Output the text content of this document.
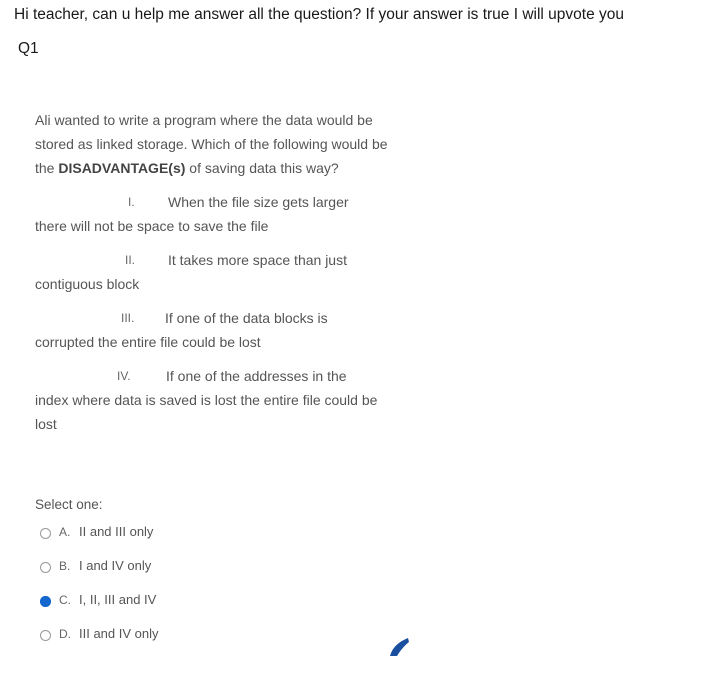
Hi teacher, can u help me answer all the question? If your answer is true I will upvote you
Q1

Ali wanted to write a program where the data would be stored as linked storage. Which of the following would be the DISADVANTAGE(s) of saving data this way?

I. When the file size gets larger

there will not be space to save the file

II. It takes more space than just

contiguous block

III. If one of the data blocks is

corrupted the entire file could be lost

IV.	If one of the addresses in the

index where data is saved is lost the entire file could be lost

Select one:
A. II and III only
B. I and IV only
C. I, II, III and IV
D. III and IV only
